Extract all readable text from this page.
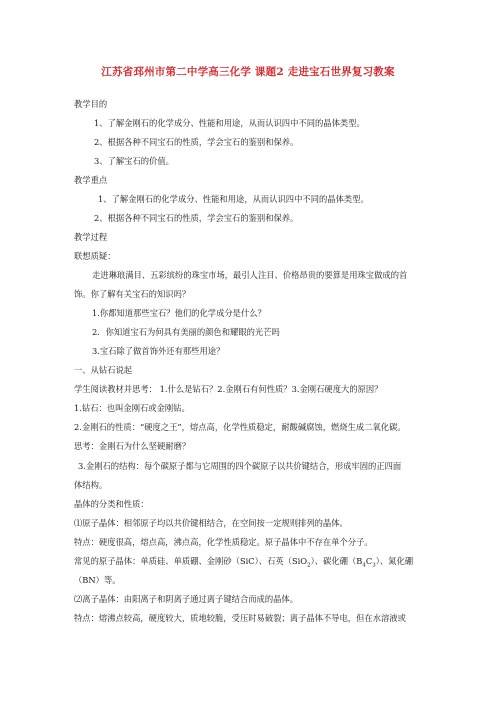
江苏省邳州市第二中学高三化学 课题2 走进宝石世界复习教案
教学目的
1、了解金刚石的化学成分、性能和用途，从而认识四中不同的晶体类型。
2、根据各种不同宝石的性质，学会宝石的鉴别和保养。
3、了解宝石的价值。
教学重点
1、了解金刚石的化学成分、性能和用途，从而认识四中不同的晶体类型。
2、根据各种不同宝石的性质，学会宝石的鉴别和保养。
教学过程
联想质疑：
走进琳琅满目、五彩缤纷的珠宝市场，最引人注目、价格昂贵的要算是用珠宝做成的首
饰。你了解有关宝石的知识吗？
1.你都知道那些宝石？他们的化学成分是什么？
2．你知道宝石为何具有美丽的颜色和耀眼的光芒吗
3.宝石除了做首饰外还有那些用途？
一、从钻石说起
学生阅读教材并思考： 1.什么是钻石？2.金刚石有何性质？3.金刚石硬度大的原因？
1.钻石：也叫金刚石或金刚钻。
2.金刚石的性质：“硬度之王”，熔点高，化学性质稳定，耐酸碱腐蚀，燃烧生成二氧化碳。
思考：金刚石为什么坚硬耐磨？
3.金刚石的结构：每个碳原子都与它周围的四个碳原子以共价键结合，形成牢固的正四面
体结构。
晶体的分类和性质：
⑴原子晶体：相邻原子均以共价键相结合，在空间按一定规则排列的晶体。
特点：硬度很高，熔点高，沸点高，化学性质稳定。原子晶体中不存在单个分子。
常见的原子晶体：单质硅、单质硼、金刚砂（SiC）、石英（SiO$_2$）、碳化硼$(B_4C_3)$、氮化硼
（BN）等。
⑵离子晶体：由阳离子和阴离子通过离子键结合而成的晶体。
特点：熔沸点较高，硬度较大，质地较脆，受压时易破裂；离子晶体不导电，但在水溶液或
